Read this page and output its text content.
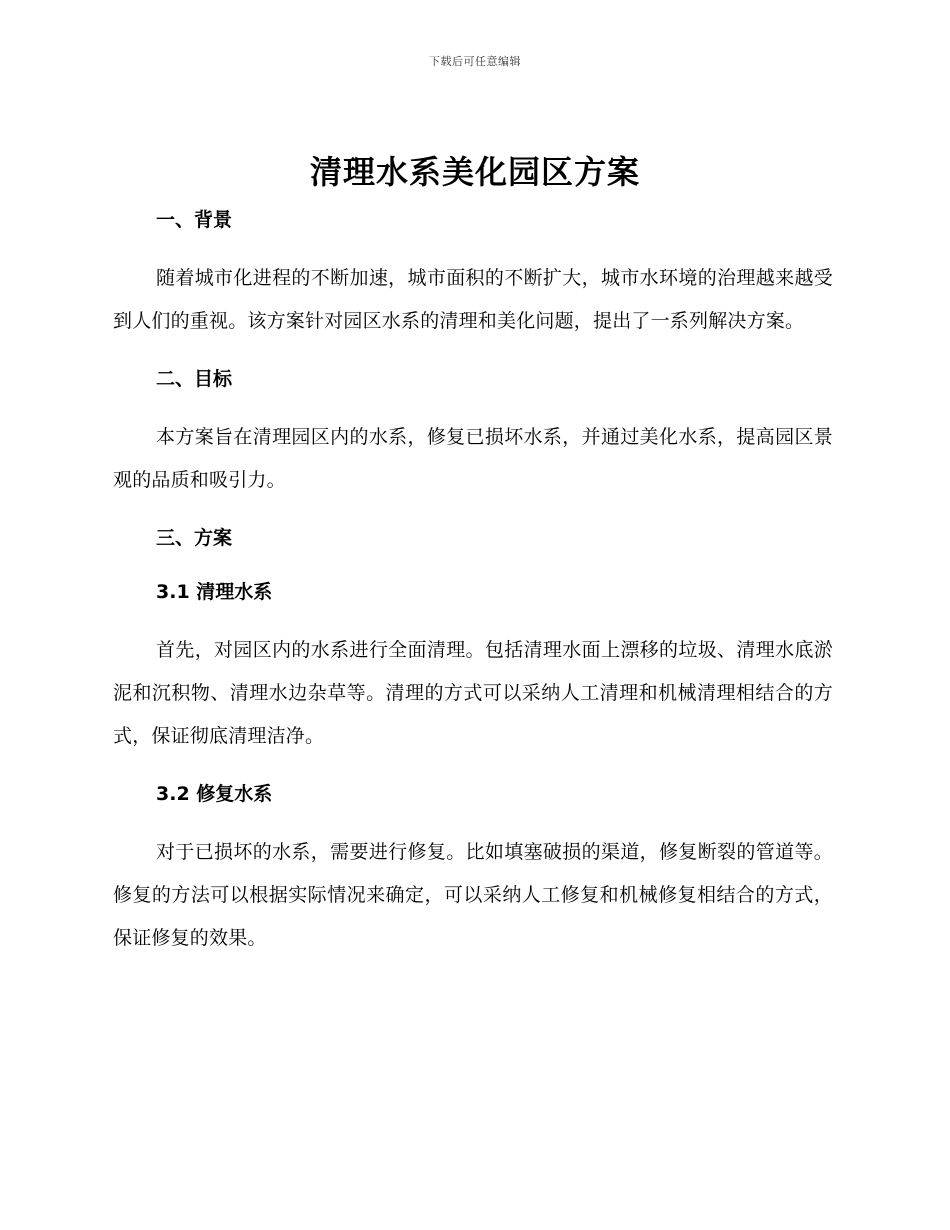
下载后可任意编辑
清理水系美化园区方案
一、背景

随着城市化进程的不断加速，城市面积的不断扩大，城市水环境的治理越来越受到人们的重视。该方案针对园区水系的清理和美化问题，提出了一系列解决方案。

二、目标

本方案旨在清理园区内的水系，修复已损坏水系，并通过美化水系，提高园区景观的品质和吸引力。

三、方案
3.1 清理水系

首先，对园区内的水系进行全面清理。包括清理水面上漂移的垃圾、清理水底淤泥和沉积物、清理水边杂草等。清理的方式可以采纳人工清理和机械清理相结合的方式，保证彻底清理洁净。

3.2 修复水系

对于已损坏的水系，需要进行修复。比如填塞破损的渠道，修复断裂的管道等。修复的方法可以根据实际情况来确定，可以采纳人工修复和机械修复相结合的方式，保证修复的效果。
